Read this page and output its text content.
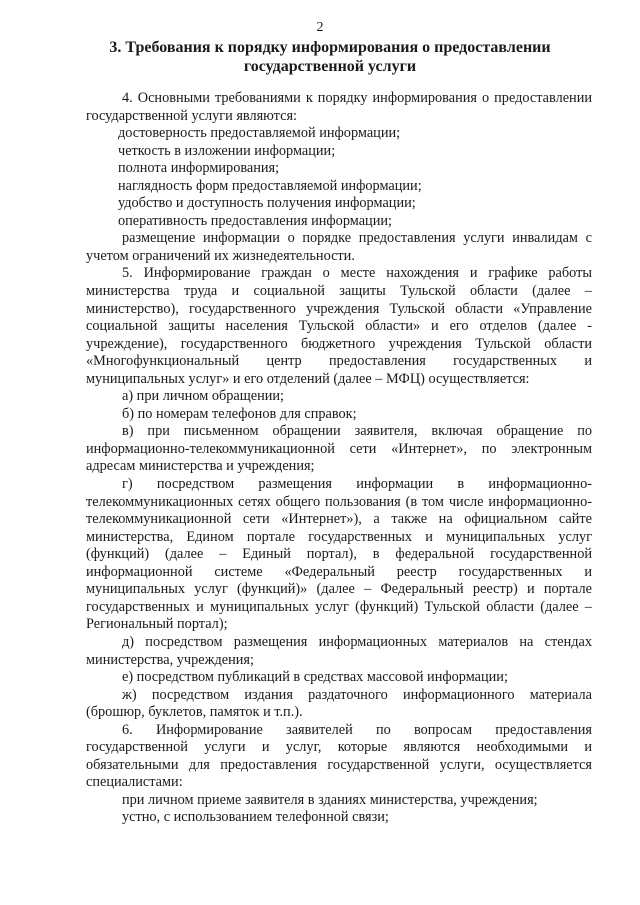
2
3. Требования к порядку информирования о предоставлении
государственной услуги

4. Основными требованиями к порядку информирования о предоставлении государственной услуги являются:

достоверность предоставляемой информации;

четкость в изложении информации;

полнота информирования;

наглядность форм предоставляемой информации;

удобство и доступность получения информации;

оперативность предоставления информации;

размещение информации о порядке предоставления услуги инвалидам с учетом ограничений их жизнедеятельности.

5. Информирование граждан о месте нахождения и графике работы министерства труда и социальной защиты Тульской области (далее – министерство), государственного учреждения Тульской области «Управление социальной защиты населения Тульской области» и его отделов (далее - учреждение), государственного бюджетного учреждения Тульской области «Многофункциональный центр предоставления государственных и муниципальных услуг» и его отделений (далее – МФЦ) осуществляется:

а) при личном обращении;

б) по номерам телефонов для справок;

в) при письменном обращении заявителя, включая обращение по информационно-телекоммуникационной сети «Интернет», по электронным адресам министерства и учреждения;

г) посредством размещения информации в информационно-телекоммуникационных сетях общего пользования (в том числе информационно-телекоммуникационной сети «Интернет»), а также на официальном сайте министерства, Едином портале государственных и муниципальных услуг (функций) (далее – Единый портал), в федеральной государственной информационной системе «Федеральный реестр государственных и муниципальных услуг (функций)» (далее – Федеральный реестр) и портале государственных и муниципальных услуг (функций) Тульской области (далее – Региональный портал);

д) посредством размещения информационных материалов на стендах министерства, учреждения;

е) посредством публикаций в средствах массовой информации;

ж) посредством издания раздаточного информационного материала (брошюр, буклетов, памяток и т.п.).

6. Информирование заявителей по вопросам предоставления государственной услуги и услуг, которые являются необходимыми и обязательными для предоставления государственной услуги, осуществляется специалистами:

при личном приеме заявителя в зданиях министерства, учреждения;

устно, с использованием телефонной связи;
